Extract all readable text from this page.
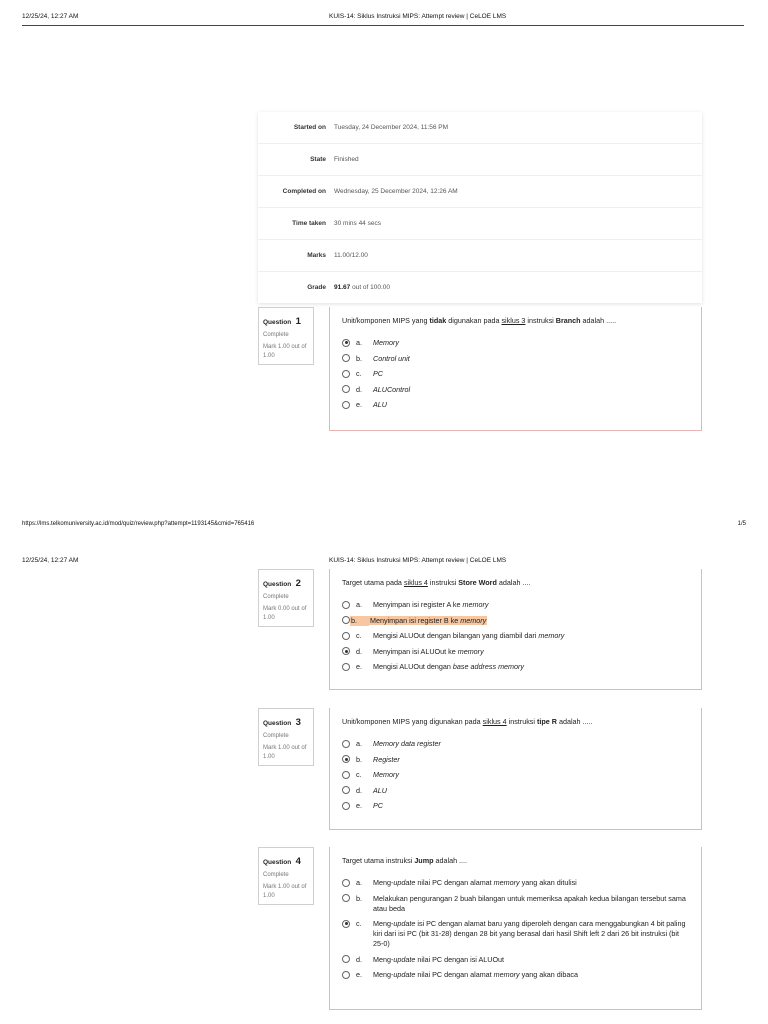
12/25/24, 12:27 AM	KUIS-14: Siklus Instruksi MIPS: Attempt review | CeLOE LMS
Started on	Tuesday, 24 December 2024, 11:56 PM
State	Finished
Completed on	Wednesday, 25 December 2024, 12:26 AM
Time taken	30 mins 44 secs
Marks	11.00/12.00
Grade	91.67 out of 100.00
Question 1
Complete
Mark 1.00 out of 1.00
Unit/komponen MIPS yang tidak digunakan pada siklus 3 instruksi Branch adalah .....
a.	Memory
b.	Control unit
c.	PC
d.	ALUControl
e.	ALU
https://lms.telkomuniversity.ac.id/mod/quiz/review.php?attempt=1193145&cmid=765416	1/5
12/25/24, 12:27 AM	KUIS-14: Siklus Instruksi MIPS: Attempt review | CeLOE LMS
Question 2
Complete
Mark 0.00 out of 1.00
Target utama pada siklus 4 instruksi Store Word adalah ....
a.	Menyimpan isi register A ke memory
b.	Menyimpan isi register B ke memory
c.	Mengisi ALUOut dengan bilangan yang diambil dari memory
d.	Menyimpan isi ALUOut ke memory
e.	Mengisi ALUOut dengan base address memory
Question 3
Complete
Mark 1.00 out of 1.00
Unit/komponen MIPS yang digunakan pada siklus 4 instruksi tipe R adalah .....
a.	Memory data register
b.	Register
c.	Memory
d.	ALU
e.	PC
Question 4
Complete
Mark 1.00 out of 1.00
Target utama instruksi Jump adalah ....
a.	Meng-update nilai PC dengan alamat memory yang akan ditulisi
b.	Melakukan pengurangan 2 buah bilangan untuk memeriksa apakah kedua bilangan tersebut sama atau beda
c.	Meng-update isi PC dengan alamat baru yang diperoleh dengan cara menggabungkan 4 bit paling kiri dari isi PC (bit 31-28) dengan 28 bit yang berasal dari hasil Shift left 2 dari 26 bit instruksi (bit 25-0)
d.	Meng-update nilai PC dengan isi ALUOut
e.	Meng-update nilai PC dengan alamat memory yang akan dibaca
